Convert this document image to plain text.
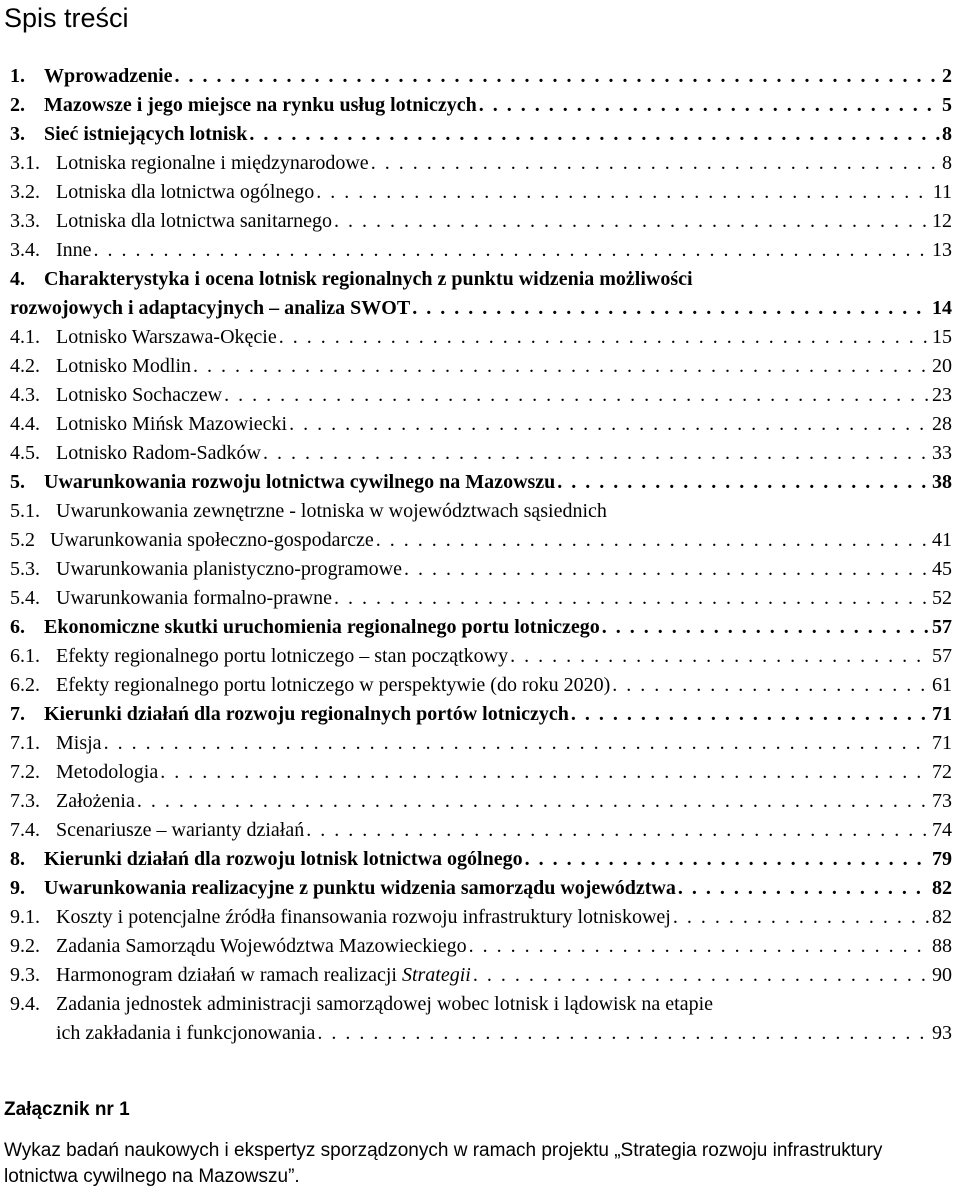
Spis treści
1. Wprowadzenie . . .	2
2. Mazowsze i jego miejsce na rynku usług lotniczych . . .	5
3. Sieć istniejących lotnisk . . .	8
3.1. Lotniska regionalne i międzynarodowe . . .	8
3.2. Lotniska dla lotnictwa ogólnego . . .	11
3.3. Lotniska dla lotnictwa sanitarnego . . .	12
3.4. Inne . . .	13
4. Charakterystyka i ocena lotnisk regionalnych z punktu widzenia możliwości
rozwojowych i adaptacyjnych – analiza SWOT . . .	14
4.1. Lotnisko Warszawa-Okęcie . . .	15
4.2. Lotnisko Modlin . . .	20
4.3. Lotnisko Sochaczew . . .	23
4.4. Lotnisko Mińsk Mazowiecki . . .	28
4.5. Lotnisko Radom-Sadków . . .	33
5. Uwarunkowania rozwoju lotnictwa cywilnego na Mazowszu . . .	38
5.1. Uwarunkowania zewnętrzne - lotniska w województwach sąsiednich
5.2 Uwarunkowania społeczno-gospodarcze . . .	41
5.3. Uwarunkowania planistyczno-programowe . . .	45
5.4. Uwarunkowania formalno-prawne . . .	52
6. Ekonomiczne skutki uruchomienia regionalnego portu lotniczego . . .	57
6.1. Efekty regionalnego portu lotniczego – stan początkowy . . .	57
6.2. Efekty regionalnego portu lotniczego w perspektywie (do roku 2020) . . .	61
7. Kierunki działań dla rozwoju regionalnych portów lotniczych . . .	71
7.1. Misja . . .	71
7.2. Metodologia . . .	72
7.3. Założenia . . .	73
7.4. Scenariusze – warianty działań . . .	74
8. Kierunki działań dla rozwoju lotnisk lotnictwa ogólnego . . .	79
9. Uwarunkowania realizacyjne z punktu widzenia samorządu województwa . . .	82
9.1. Koszty i potencjalne źródła finansowania rozwoju infrastruktury lotniskowej . . .	82
9.2. Zadania Samorządu Województwa Mazowieckiego . . .	88
9.3. Harmonogram działań w ramach realizacji Strategii . . .	90
9.4. Zadania jednostek administracji samorządowej wobec lotnisk i lądowisk na etapie
ich zakładania i funkcjonowania . . .	93
Załącznik nr 1

Wykaz badań naukowych i ekspertyz sporządzonych w ramach projektu „Strategia rozwoju infrastruktury lotnictwa cywilnego na Mazowszu”.
